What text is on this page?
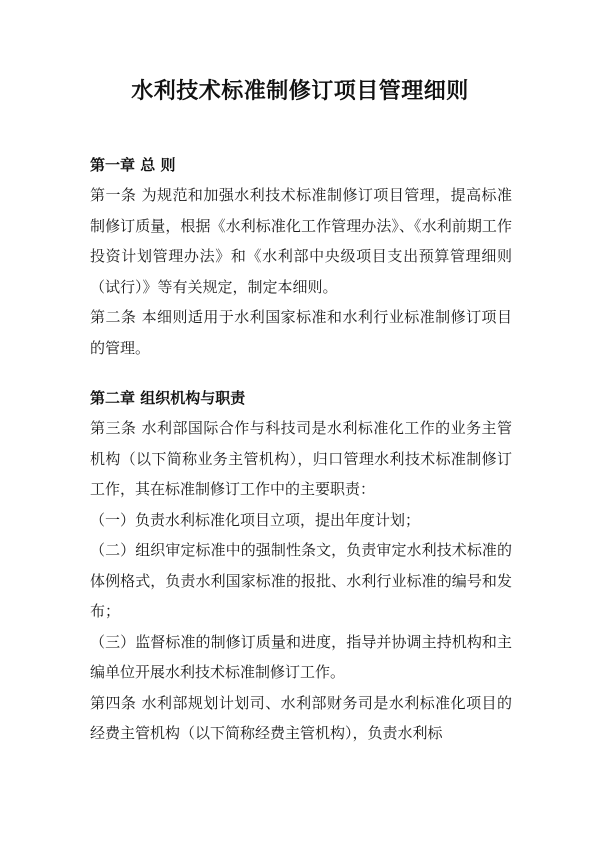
水利技术标准制修订项目管理细则

第一章 总 则

第一条 为规范和加强水利技术标准制修订项目管理，提高标准制修订质量，根据《水利标准化工作管理办法》、《水利前期工作投资计划管理办法》和《水利部中央级项目支出预算管理细则（试行）》等有关规定，制定本细则。

第二条 本细则适用于水利国家标准和水利行业标准制修订项目的管理。

第二章 组织机构与职责

第三条 水利部国际合作与科技司是水利标准化工作的业务主管机构（以下简称业务主管机构），归口管理水利技术标准制修订工作，其在标准制修订工作中的主要职责：

（一）负责水利标准化项目立项，提出年度计划；

（二）组织审定标准中的强制性条文，负责审定水利技术标准的体例格式，负责水利国家标准的报批、水利行业标准的编号和发布；

（三）监督标准的制修订质量和进度，指导并协调主持机构和主编单位开展水利技术标准制修订工作。

第四条 水利部规划计划司、水利部财务司是水利标准化项目的经费主管机构（以下简称经费主管机构），负责水利标
